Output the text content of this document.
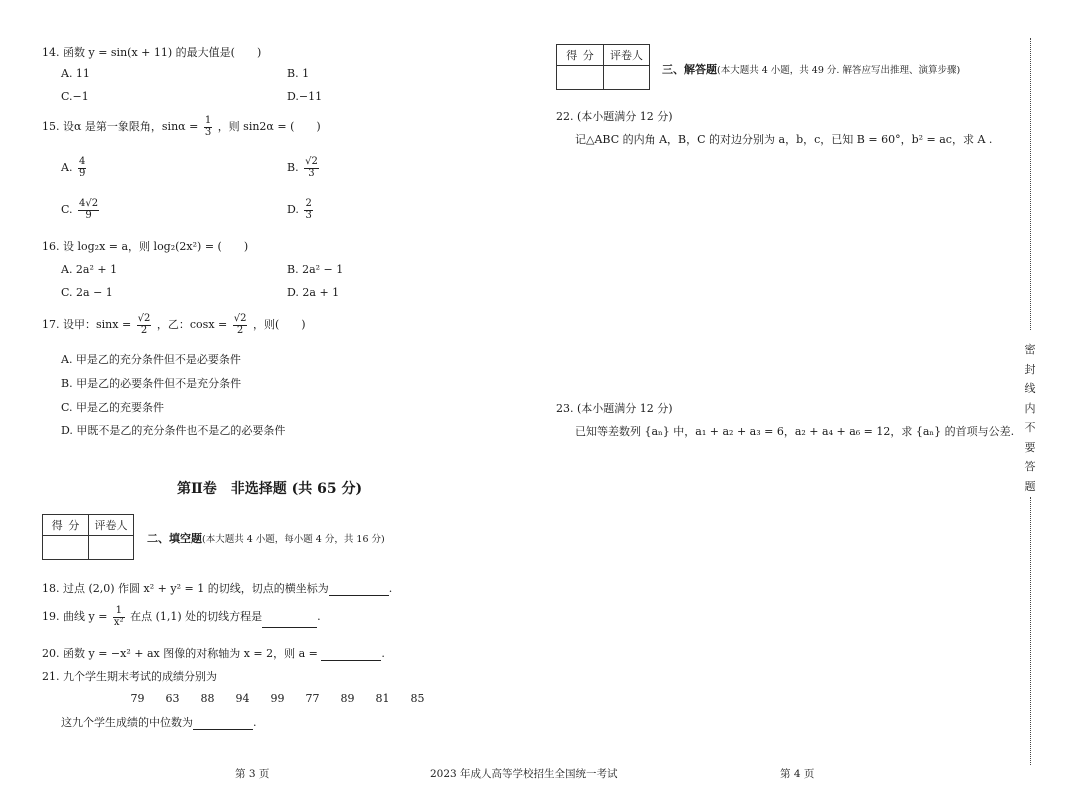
14. 函数 y = sin(x + 11) 的最大值是(　　)
A. 11	B. 1
C.−1	D.−11
15. 设α 是第一象限角，$\sin\alpha = \frac{1}{3}$ ，则 sin2α = (　　)
A. $\frac{4}{9}$	B. $\frac{√2}{3}$
C. $\frac{4√2}{9}$	D. $\frac{2}{3}$
16. 设 log₂x = a，则 log₂(2x²) = (　　)
A. 2a² + 1	B. 2a² − 1
C. 2a − 1	D. 2a + 1
17. 设甲：$\sin x = \frac{√2}{2}$ ，乙：$\cos x = \frac{√2}{2}$ ，则(　　)
A. 甲是乙的充分条件但不是必要条件
B. 甲是乙的必要条件但不是充分条件
C. 甲是乙的充要条件
D. 甲既不是乙的充分条件也不是乙的必要条件
第Ⅱ卷　非选择题 (共 65 分)
得 分	评卷人

二、填空题(本大题共 4 小题，每小题 4 分，共 16 分)
18. 过点 (2,0) 作圆 x² + y² = 1 的切线，切点的横坐标为	.
19. 曲线 $y = \frac{1}{\text{x²}}$ 在点 (1,1) 处的切线方程是	.
20. 函数 y = −x² + ax 图像的对称轴为 x = 2，则 a =	.
21. 九个学生期末考试的成绩分别为
79 63 88 94 99 77 89 81 85
这九个学生成绩的中位数为	.
得 分	评卷人

三、解答题(本大题共 4 小题，共 49 分. 解答应写出推理、演算步骤)
22. (本小题满分 12 分)
记△ABC 的内角 A，B，C 的对边分别为 a，b，c，已知 B = 60°，b² = ac，求 A .
23. (本小题满分 12 分)
已知等差数列 {aₙ} 中，a₁ + a₂ + a₃ = 6，a₂ + a₄ + a₆ = 12，求 {aₙ} 的首项与公差.
密封线内不要答题
第 3 页	2023 年成人高等学校招生全国统一考试	第 4 页
